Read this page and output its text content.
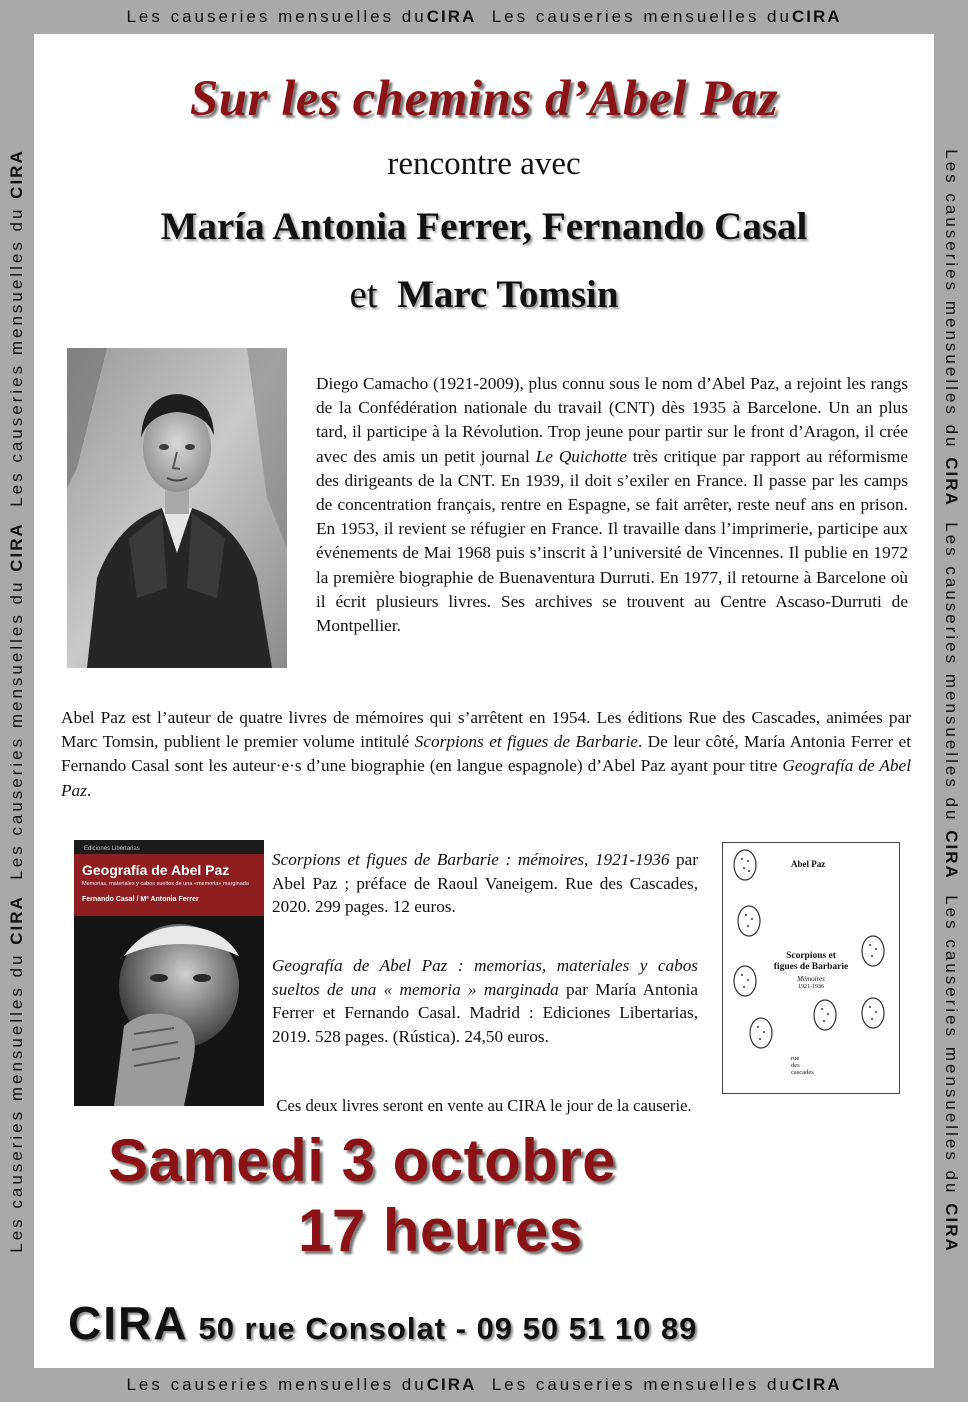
Les causeries mensuelles du CIRA
Les causeries mensuelles du CIRA
Les causeries mensuelles du CIRA
Les causeries mensuelles du CIRA
Les causeries mensuelles du CIRA  Les causeries mensuelles du CIRA  Les causeries mensuelles du CIRA	Les causeries mensuelles du CIRA  Les causeries mensuelles du CIRA  Les causeries mensuelles du CIRA
Sur les chemins d’Abel Paz
rencontre avec
María Antonia Ferrer, Fernando Casal
et Marc Tomsin
Diego Camacho (1921-2009), plus connu sous le nom d’Abel Paz, a rejoint les rangs de la Confédération nationale du travail (CNT) dès 1935 à Barcelone. Un an plus tard, il participe à la Révolution. Trop jeune pour partir sur le front d’Aragon, il crée avec des amis un petit journal Le Quichotte très critique par rapport au réformisme des dirigeants de la CNT. En 1939, il doit s’exiler en France. Il passe par les camps de concentration français, rentre en Espagne, se fait arrêter, reste neuf ans en prison. En 1953, il revient se réfugier en France. Il travaille dans l’imprimerie, participe aux événements de Mai 1968 puis s’inscrit à l’université de Vincennes. Il publie en 1972 la première biographie de Buenaventura Durruti. En 1977, il retourne à Barcelone où il écrit plusieurs livres. Ses archives se trouvent au Centre Ascaso-Durruti de Montpellier.
Abel Paz est l’auteur de quatre livres de mémoires qui s’arrêtent en 1954. Les éditions Rue des Cascades, animées par Marc Tomsin, publient le premier volume intitulé Scorpions et figues de Barbarie. De leur côté, María Antonia Ferrer et Fernando Casal sont les auteur·e·s d’une biographie (en langue espagnole) d’Abel Paz ayant pour titre Geografía de Abel Paz.
Ediciones Libertarias
Geografía de Abel Paz
Memorias, materiales y cabos sueltos de una «memoria» marginada
Fernando Casal / Mª Antonia Ferrer
Scorpions et figues de Barbarie : mémoires, 1921-1936 par Abel Paz ; préface de Raoul Vaneigem. Rue des Cascades, 2020. 299 pages. 12 euros.
Geografía de Abel Paz : memorias, materiales y cabos sueltos de una « memoria » marginada par María Antonia Ferrer et Fernando Casal. Madrid : Ediciones Libertarias, 2019. 528 pages. (Rústica). 24,50 euros.
Abel Paz
Scorpions et
figues de Barbarie
Mémoires
1921-1936
rue
des
cascades
Ces deux livres seront en vente au CIRA le jour de la causerie.
Samedi 3 octobre
17 heures
CIRA 50 rue Consolat - 09 50 51 10 89
